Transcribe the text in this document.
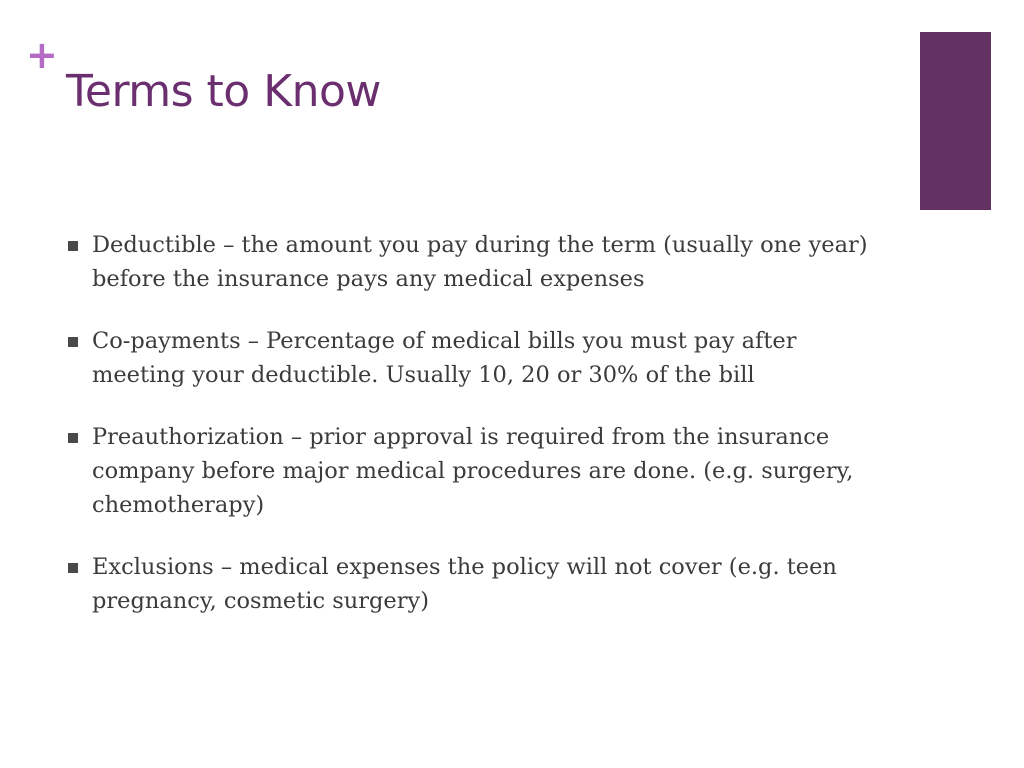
+
Terms to Know
Deductible – the amount you pay during the term (usually one year) before the insurance pays any medical expenses
Co-payments – Percentage of medical bills you must pay after meeting your deductible. Usually 10, 20 or 30% of the bill
Preauthorization – prior approval is required from the insurance company before major medical procedures are done. (e.g. surgery, chemotherapy)
Exclusions – medical expenses the policy will not cover (e.g. teen pregnancy, cosmetic surgery)
